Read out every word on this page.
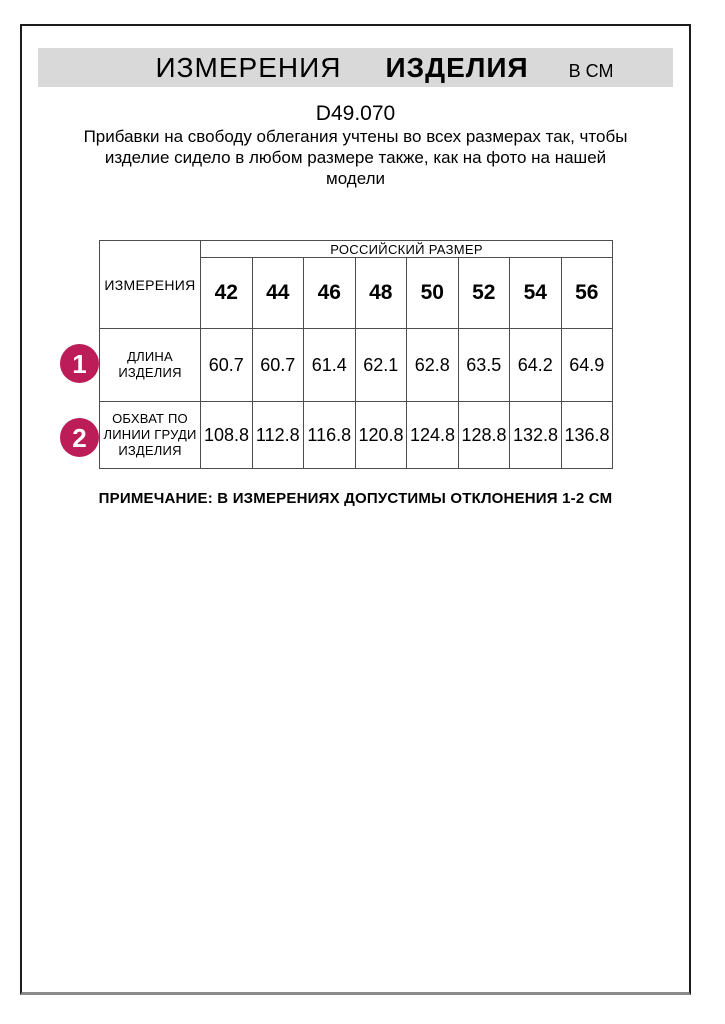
ИЗМЕРЕНИЯ ИЗДЕЛИЯ В СМ
D49.070
Прибавки на свободу облегания учтены во всех размерах так, чтобы
изделие сидело в любом размере также, как на фото на нашей
модели
ИЗМЕРЕНИЯ	РОССИЙСКИЙ РАЗМЕР							
	42	44	46	48	50	52	54	56
ДЛИНА ИЗДЕЛИЯ	60.7	60.7	61.4	62.1	62.8	63.5	64.2	64.9
ОБХВАТ ПО ЛИНИИ ГРУДИ ИЗДЕЛИЯ	108.8	112.8	116.8	120.8	124.8	128.8	132.8	136.8
1
2
ПРИМЕЧАНИЕ: В ИЗМЕРЕНИЯХ ДОПУСТИМЫ ОТКЛОНЕНИЯ 1-2 СМ
